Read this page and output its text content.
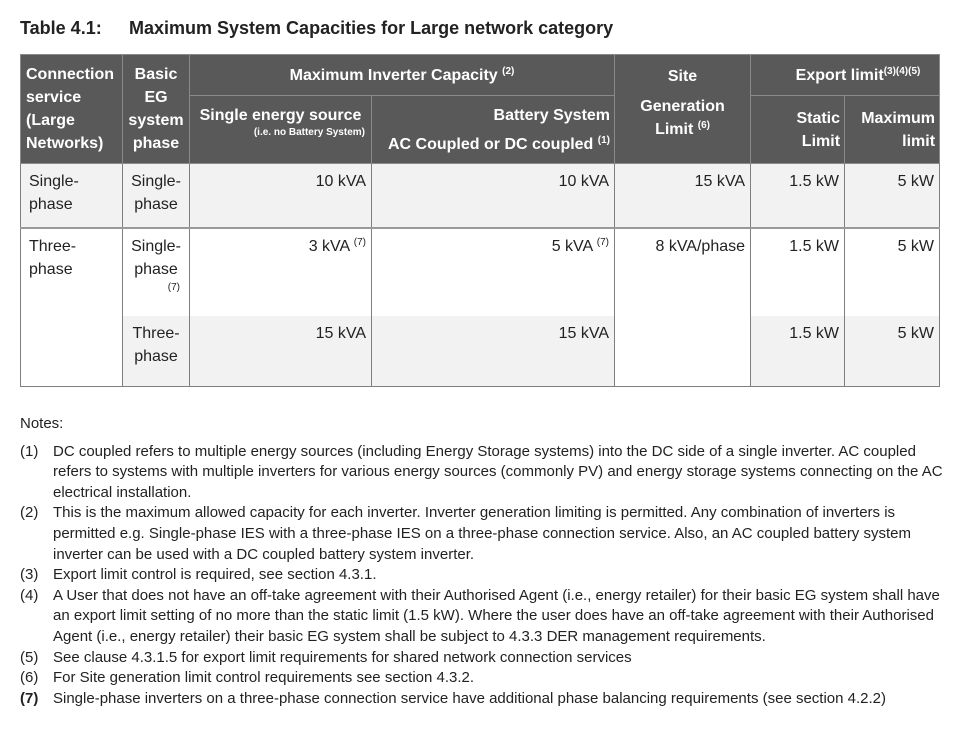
Table 4.1: Maximum System Capacities for Large network category
Connection
service
(Large
Networks)	Basic
EG
system
phase	Maximum Inverter Capacity $^{(2)}$		Site
Generation
Limit $^{(6)}$	Export limit$^{(3)(4)(5)}$
		Single energy source
(i.e. no Battery System)	Battery System
AC Coupled or DC coupled $^{(1)}$		Static
Limit	Maximum
limit
Single-
phase	Single-
phase	10 kVA	10 kVA	15 kVA	1.5 kW	5 kW
Three-
phase	Single-
phase
(7)	3 kVA $^{(7)}$	5 kVA $^{(7)}$	8 kVA/phase	1.5 kW	5 kW
	Three-
phase	15 kVA	15 kVA		1.5 kW	5 kW
Notes:
(1) DC coupled refers to multiple energy sources (including Energy Storage systems) into the DC side of a single inverter. AC coupled refers to systems with multiple inverters for various energy sources (commonly PV) and energy storage systems connecting on the AC electrical installation.
(2) This is the maximum allowed capacity for each inverter. Inverter generation limiting is permitted. Any combination of inverters is permitted e.g. Single-phase IES with a three-phase IES on a three-phase connection service. Also, an AC coupled battery system inverter can be used with a DC coupled battery system inverter.
(3) Export limit control is required, see section 4.3.1.
(4) A User that does not have an off-take agreement with their Authorised Agent (i.e., energy retailer) for their basic EG system shall have an export limit setting of no more than the static limit (1.5 kW). Where the user does have an off-take agreement with their Authorised Agent (i.e., energy retailer) their basic EG system shall be subject to 4.3.3 DER management requirements.
(5) See clause 4.3.1.5 for export limit requirements for shared network connection services
(6) For Site generation limit control requirements see section 4.3.2.
(7) Single-phase inverters on a three-phase connection service have additional phase balancing requirements (see section 4.2.2)
